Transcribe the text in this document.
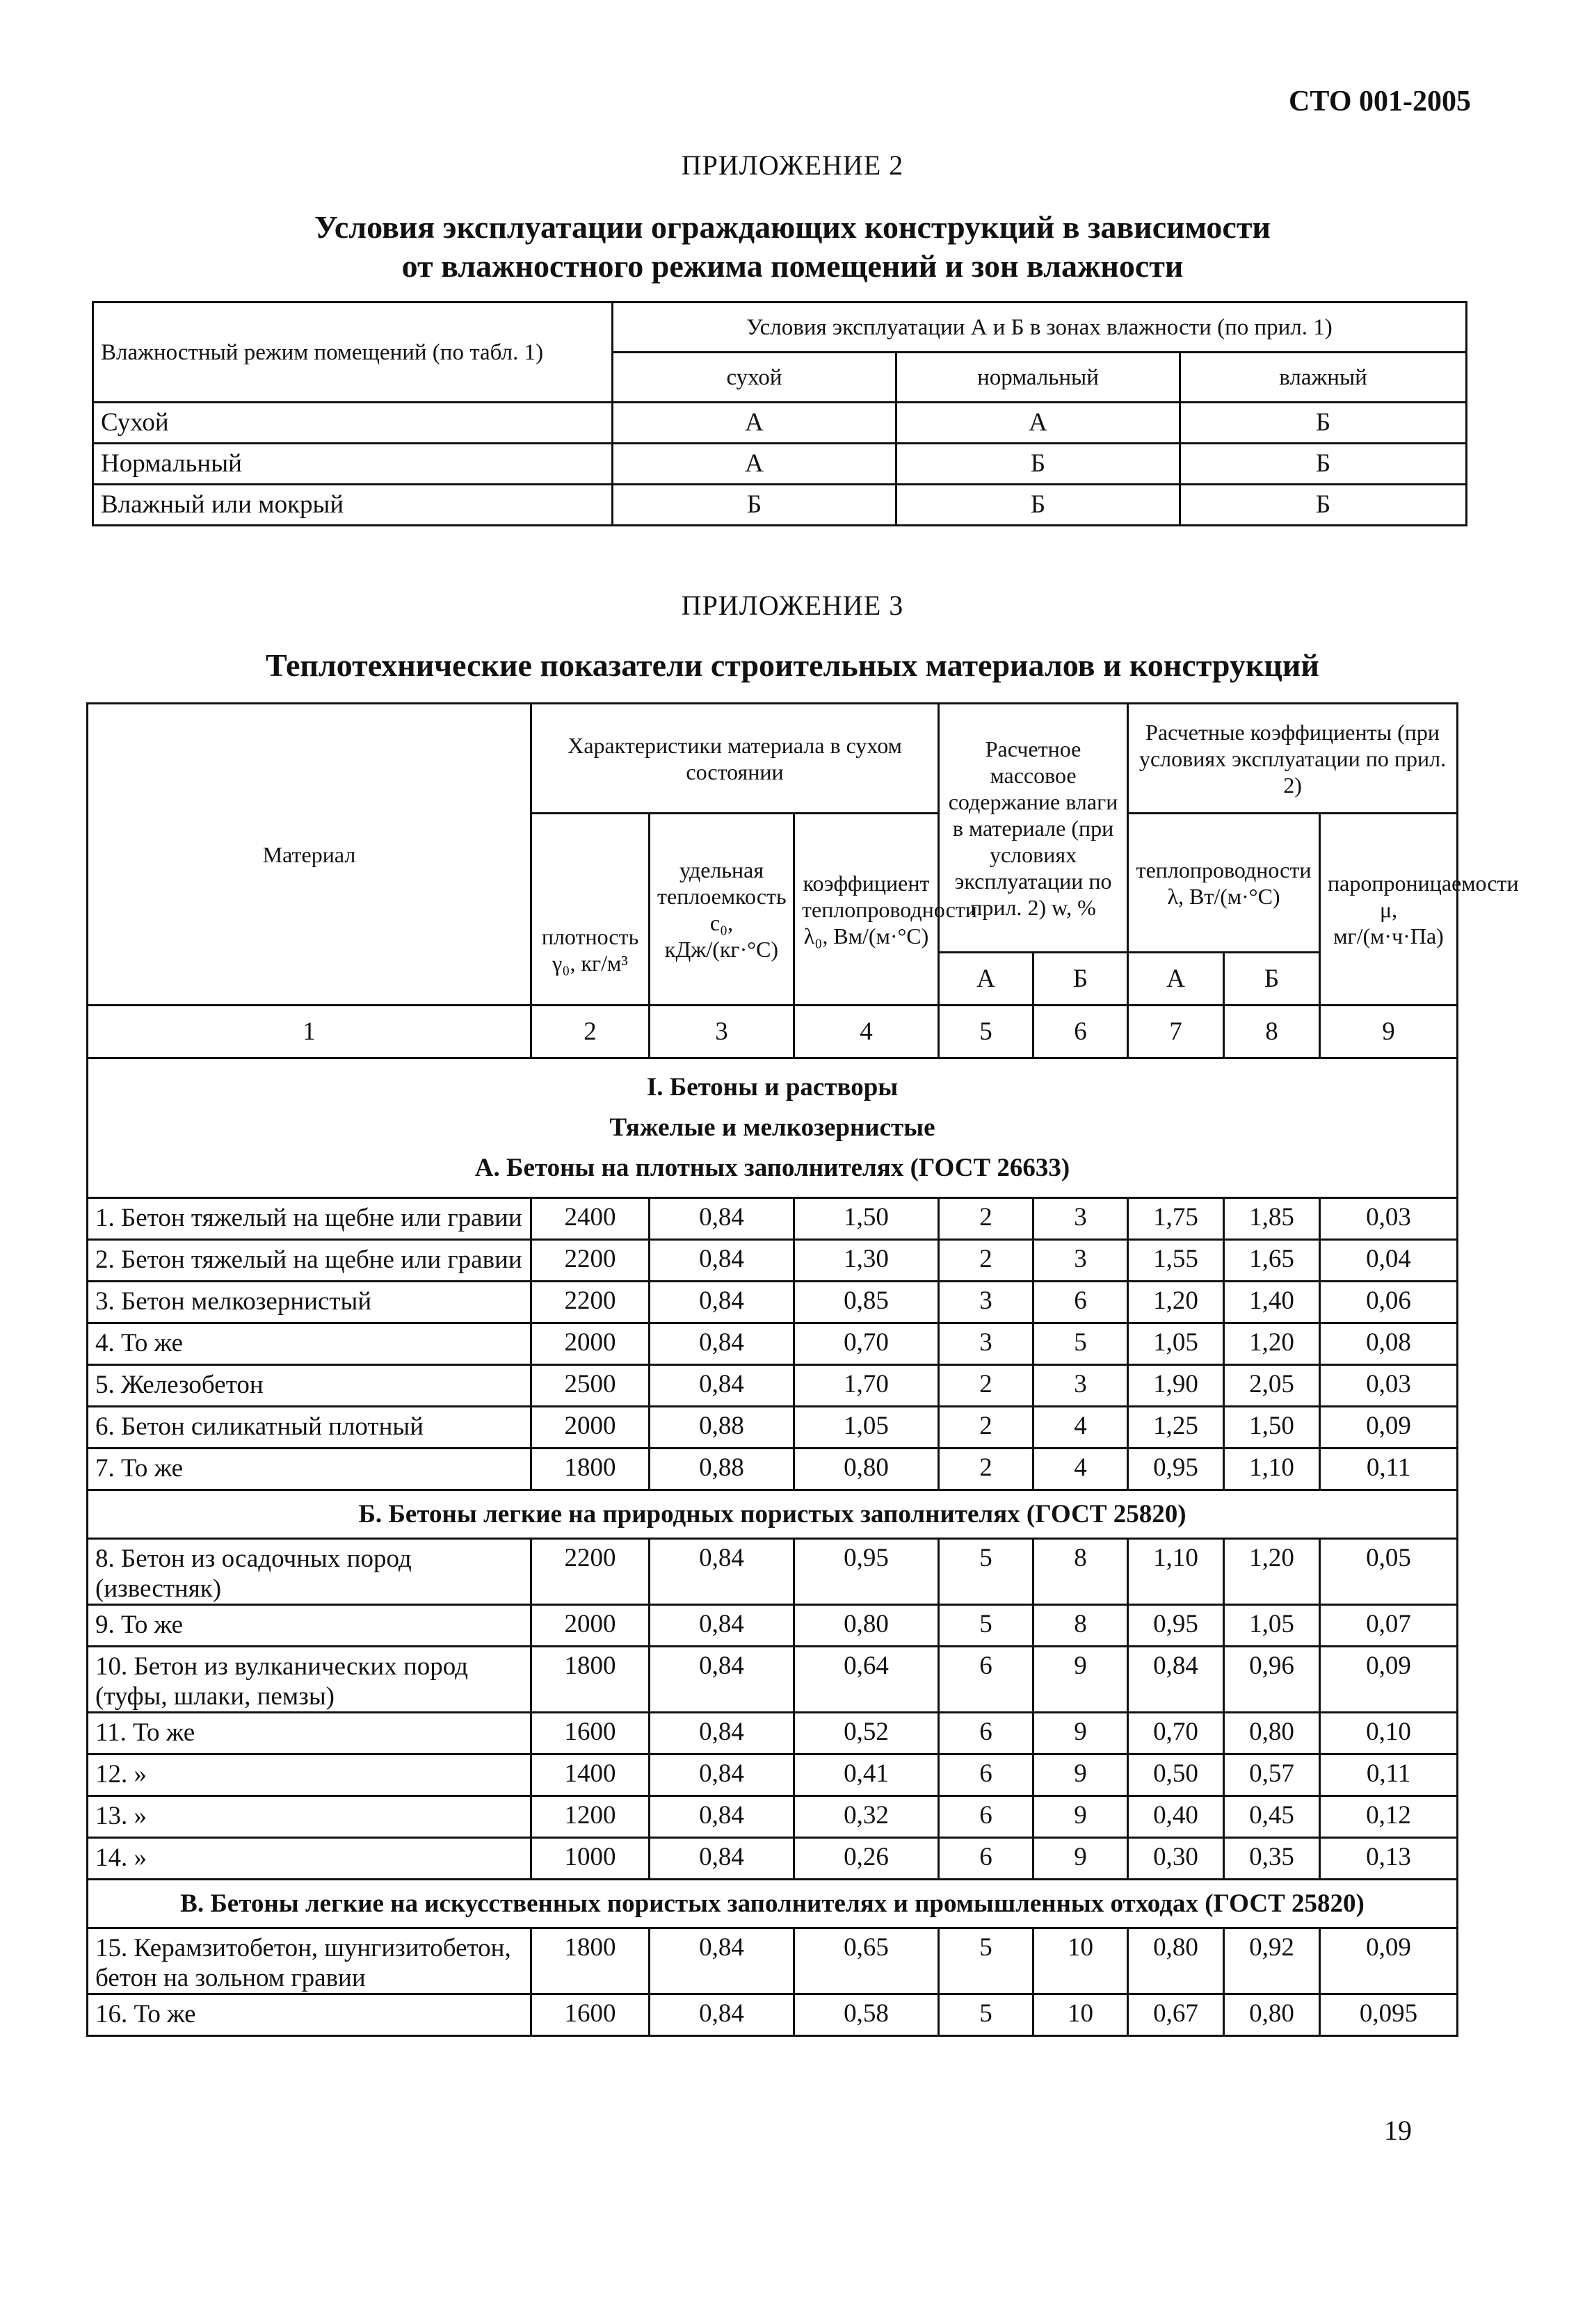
СТО 001-2005
ПРИЛОЖЕНИЕ 2
Условия эксплуатации ограждающих конструкций в зависимости
от влажностного режима помещений и зон влажности
Влажностный режим помещений (по табл. 1)	Условия эксплуатации А и Б в зонах влажности (по прил. 1)		
	сухой	нормальный	влажный
Сухой	А	А	Б
Нормальный	А	Б	Б
Влажный или мокрый	Б	Б	Б
ПРИЛОЖЕНИЕ 3
Теплотехнические показатели строительных материалов и конструкций
Материал	Характеристики материала в сухом состоянии			Расчетное массовое содержание влаги в материале (при условиях эксплуатации по прил. 2) w, %		Расчетные коэффициенты (при условиях эксплуатации по прил. 2)		
	плотность γ₀, кг/м³	удельная теплоемкость с₀, кДж/(кг·°С)	коэффициент теплопроводности λ₀, Вм/(м·°С)			теплопроводности λ, Вт/(м·°С)		паропроницаемости μ, мг/(м·ч·Па)
				А	Б	А	Б	
1	2	3	4	5	6	7	8	9

I. Бетоны и растворы
Тяжелые и мелкозернистые
А. Бетоны на плотных заполнителях (ГОСТ 26633)								

1. Бетон тяжелый на щебне или гравии	2400	0,84	1,50	2	3	1,75	1,85	0,03
2. Бетон тяжелый на щебне или гравии	2200	0,84	1,30	2	3	1,55	1,65	0,04
3. Бетон мелкозернистый	2200	0,84	0,85	3	6	1,20	1,40	0,06
4. То же	2000	0,84	0,70	3	5	1,05	1,20	0,08
5. Железобетон	2500	0,84	1,70	2	3	1,90	2,05	0,03
6. Бетон силикатный плотный	2000	0,88	1,05	2	4	1,25	1,50	0,09
7. То же	1800	0,88	0,80	2	4	0,95	1,10	0,11
Б. Бетоны легкие на природных пористых заполнителях (ГОСТ 25820)								
8. Бетон из осадочных пород (известняк)	2200	0,84	0,95	5	8	1,10	1,20	0,05
9. То же	2000	0,84	0,80	5	8	0,95	1,05	0,07
10. Бетон из вулканических пород (туфы, шлаки, пемзы)	1800	0,84	0,64	6	9	0,84	0,96	0,09
11. То же	1600	0,84	0,52	6	9	0,70	0,80	0,10
12. »	1400	0,84	0,41	6	9	0,50	0,57	0,11
13. »	1200	0,84	0,32	6	9	0,40	0,45	0,12
14. »	1000	0,84	0,26	6	9	0,30	0,35	0,13
В. Бетоны легкие на искусственных пористых заполнителях и промышленных отходах (ГОСТ 25820)								
15. Керамзитобетон, шунгизитобетон, бетон на зольном гравии	1800	0,84	0,65	5	10	0,80	0,92	0,09
16. То же	1600	0,84	0,58	5	10	0,67	0,80	0,095
19
